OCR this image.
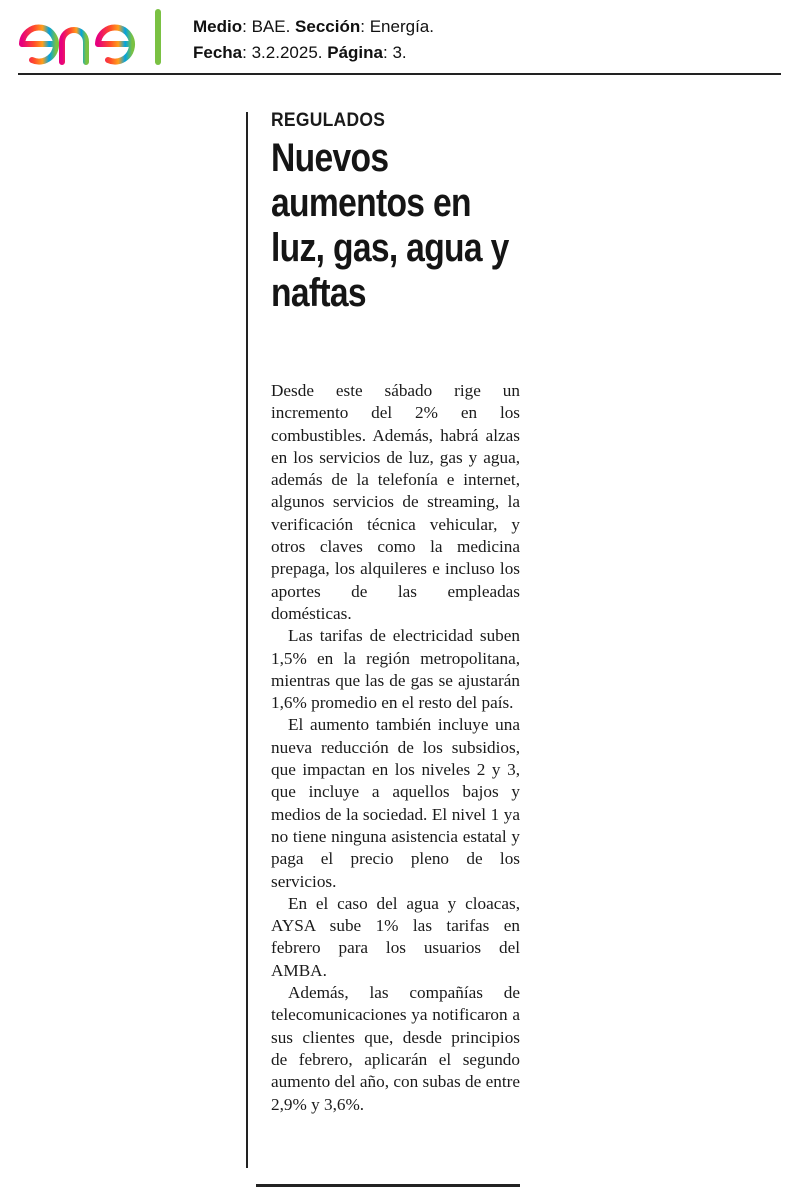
Medio: BAE. Sección: Energía.
Fecha: 3.2.2025. Página: 3.
REGULADOS
Nuevos aumentos en luz, gas, agua y naftas

Desde este sábado rige un incremento del 2% en los combustibles. Además, habrá alzas en los servicios de luz, gas y agua, además de la telefonía e internet, algunos servicios de streaming, la verificación técnica vehicular, y otros claves como la medicina prepaga, los alquileres e incluso los aportes de las empleadas domésticas.

Las tarifas de electricidad suben 1,5% en la región metropolitana, mientras que las de gas se ajustarán 1,6% promedio en el resto del país.

El aumento también incluye una nueva reducción de los subsidios, que impactan en los niveles 2 y 3, que incluye a aquellos bajos y medios de la sociedad. El nivel 1 ya no tiene ninguna asistencia estatal y paga el precio pleno de los servicios.

En el caso del agua y cloacas, AYSA sube 1% las tarifas en febrero para los usuarios del AMBA.

Además, las compañías de telecomunicaciones ya notificaron a sus clientes que, desde principios de febrero, aplicarán el segundo aumento del año, con subas de entre 2,9% y 3,6%.
